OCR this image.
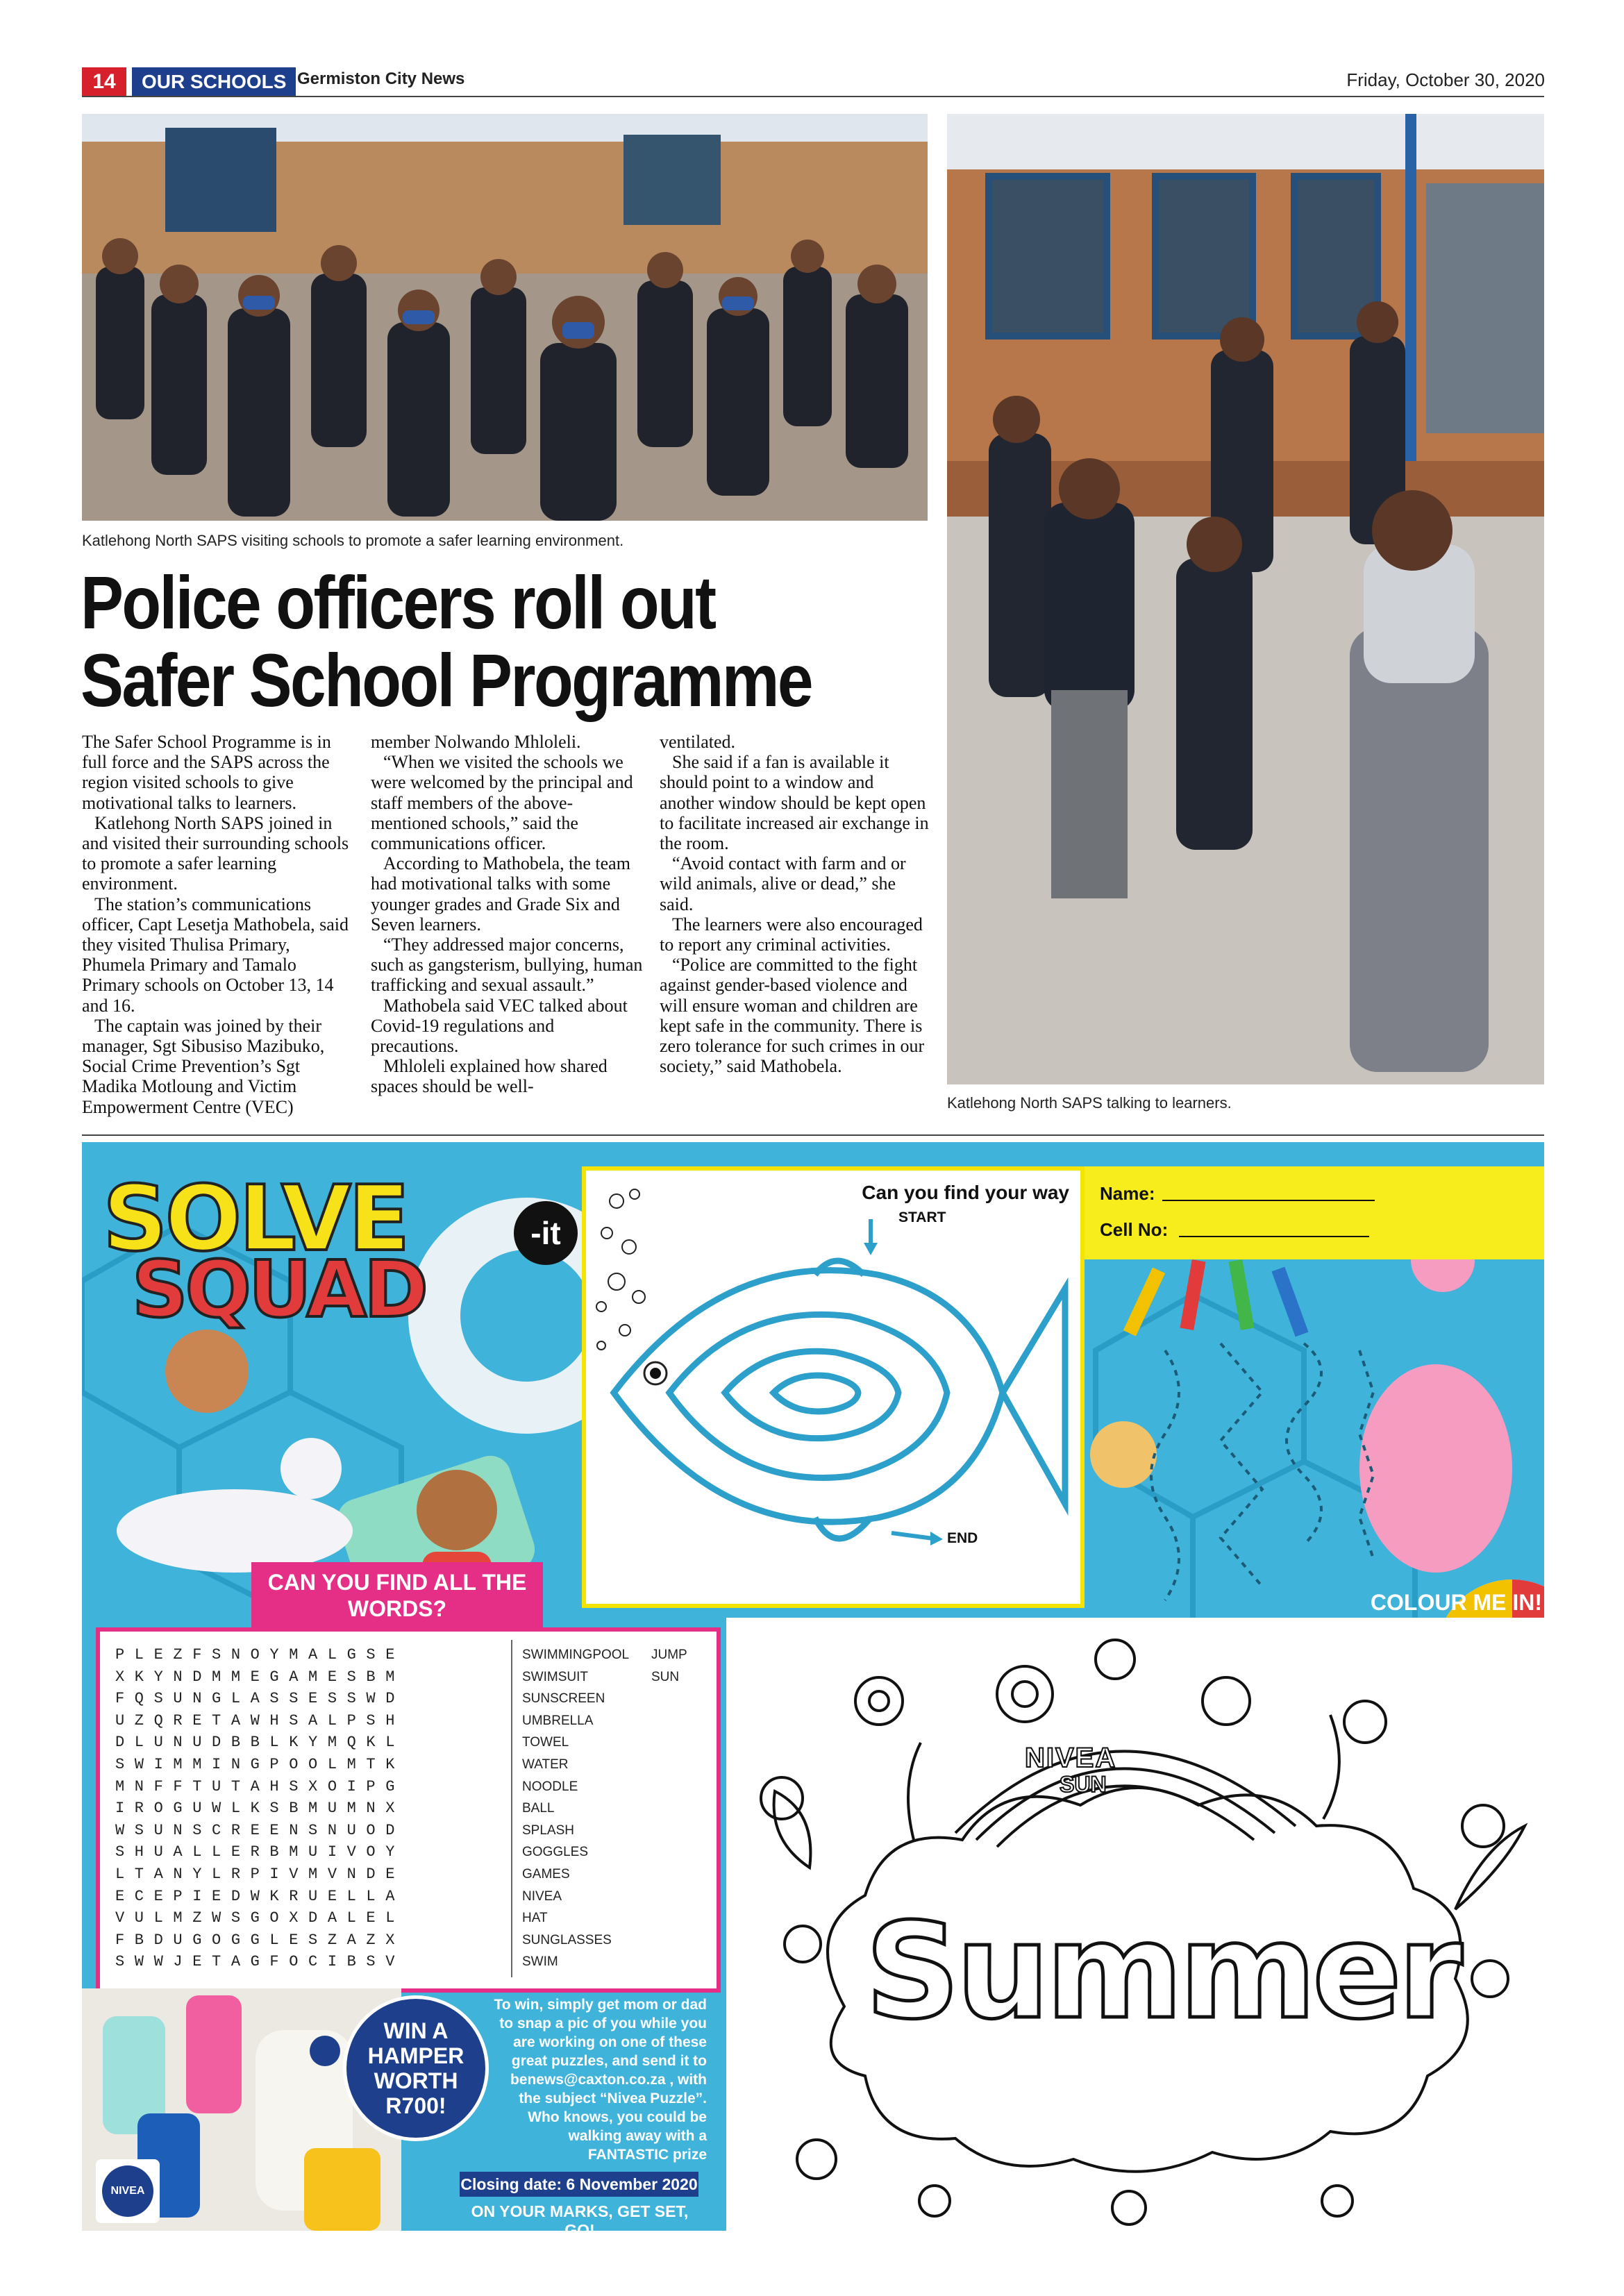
14	OUR SCHOOLS Germiston City News	Friday, October 30, 2020
Katlehong North SAPS visiting schools to promote a safer learning environment.
Katlehong North SAPS talking to learners.
Police officers roll out
Safer School Programme

The Safer School Programme is in full force and the SAPS across the region visited schools to give motivational talks to learners.

Katlehong North SAPS joined in and visited their surrounding schools to promote a safer learning environment.

The station’s communications officer, Capt Lesetja Mathobela, said they visited Thulisa Primary, Phumela Primary and Tamalo Primary schools on October 13, 14 and 16.

The captain was joined by their manager, Sgt Sibusiso Mazibuko, Social Crime Prevention’s Sgt Madika Motloung and Victim Empowerment Centre (VEC)

member Nolwando Mhloleli.

“When we visited the schools we were welcomed by the principal and staff members of the above-mentioned schools,” said the communications officer.

According to Mathobela, the team had motivational talks with some younger grades and Grade Six and Seven learners.

“They addressed major concerns, such as gangsterism, bullying, human trafficking and sexual assault.”

Mathobela said VEC talked about Covid-19 regulations and precautions.

Mhloleli explained how shared spaces should be well-

ventilated.

She said if a fan is available it should point to a window and another window should be kept open to facilitate increased air exchange in the room.

“Avoid contact with farm and or wild animals, alive or dead,” she said.

The learners were also encouraged to report any criminal activities.

“Police are committed to the fight against gender-based violence and will ensure woman and children are kept safe in the community. There is zero tolerance for such crimes in our society,” said Mathobela.

SOLVE	-it
SQUAD
Can you find your way
START
END
Name:
Cell No:
CAN YOU FIND ALL THE WORDS?
PLEZFSNOYMALGSE
XKYNDMMEGAMESBM
FQSUNGLASSESSWD
UZQRETAWHSALPSH
DLUNUDBBLKYMQKL
SWIMMINGPOOLMTK
MNFFTUTAHSXOIPG
IROGUWLKSBMUMNX
WSUNSCREENSNUOD
SHUALLERBMUIVOY
LTANYLRPIVMVNDE
ECEPIEDWKRUELLA
VULMZWSGOXDALEL
FBDUGOGGLESZAZX
SWWJETAGFOCIBSV
SWIMMINGPOOL
SWIMSUIT
SUNSCREEN
UMBRELLA
TOWEL
WATER
NOODLE
BALL
SPLASH
GOGGLES
GAMES
NIVEA
HAT
SUNGLASSES
SWIM
JUMP
SUN
COLOUR ME IN!
NIVEA
SUN
Summer
NIVEA
WIN A HAMPER WORTH R700!
To win, simply get mom or dad to snap a pic of you while you are working on one of these great puzzles, and send it to benews@caxton.co.za , with the subject “Nivea Puzzle”. Who knows, you could be walking away with a FANTASTIC prize
Closing date: 6 November 2020
ON YOUR MARKS, GET SET, GO!
